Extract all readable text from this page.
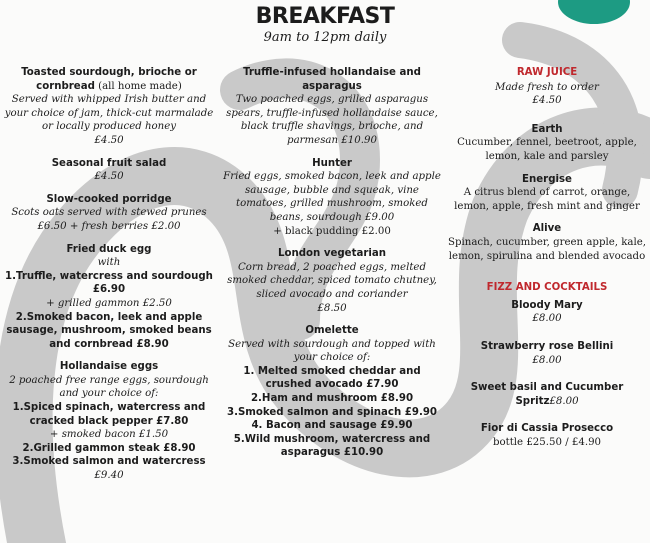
BREAKFAST
9am to 12pm daily
Toasted sourdough, brioche or cornbread (all home made)
Served with whipped Irish butter and your choice of jam, thick-cut marmalade or locally produced honey
£4.50
Seasonal fruit salad
£4.50
Slow-cooked porridge
Scots oats served with stewed prunes £6.50 + fresh berries £2.00
Fried duck egg
with
1.Truffle, watercress and sourdough £6.90
+ grilled gammon £2.50
2.Smoked bacon, leek and apple sausage, mushroom, smoked beans and cornbread £8.90
Hollandaise eggs
2 poached free range eggs, sourdough and your choice of:
1.Spiced spinach, watercress and cracked black pepper £7.80
+ smoked bacon £1.50
2.Grilled gammon steak £8.90
3.Smoked salmon and watercress
£9.40
Truffle-infused hollandaise and asparagus
Two poached eggs, grilled asparagus spears, truffle-infused hollandaise sauce, black truffle shavings, brioche, and parmesan £10.90
Hunter
Fried eggs, smoked bacon, leek and apple sausage, bubble and squeak, vine tomatoes, grilled mushroom, smoked beans, sourdough £9.00
+ black pudding £2.00
London vegetarian
Corn bread, 2 poached eggs, melted smoked cheddar, spiced tomato chutney, sliced avocado and coriander
£8.50
Omelette
Served with sourdough and topped with your choice of:
1. Melted smoked cheddar and crushed avocado £7.90
2.Ham and mushroom £8.90
3.Smoked salmon and spinach £9.90
4. Bacon and sausage £9.90
5.Wild mushroom, watercress and asparagus £10.90
RAW JUICE
Made fresh to order
£4.50
Earth
Cucumber, fennel, beetroot, apple, lemon, kale and parsley
Energise
A citrus blend of carrot, orange, lemon, apple, fresh mint and ginger
Alive
Spinach, cucumber, green apple, kale, lemon, spirulina and blended avocado
FIZZ AND COCKTAILS
Bloody Mary
£8.00
Strawberry rose Bellini
£8.00
Sweet basil and Cucumber
Spritz£8.00
Fior di Cassia Prosecco
bottle £25.50 / £4.90
